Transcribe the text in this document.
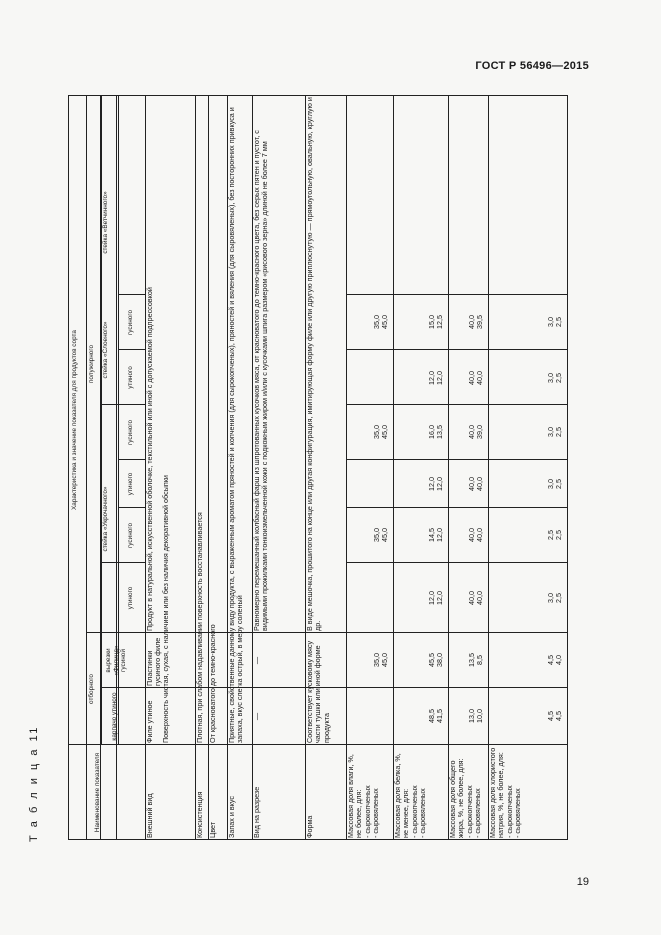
ГОСТ Р 56496—2015
19
Т а б л и ц а 11	Наименование показателя
Характеристика и значение показателя для продуктов сорта
отборного
полужирного
карпачо утиного
вырезки «Филинд» гусиной
стейка «Укрочачного»
стейка «Слоеного»
стейка «Ветчинного»
утиного
гусиного
утиного
гусиного
утиного
гусиного
Внешний вид
Филе утиное
Пластинки гусиного филе
Продукт в натуральной, искусственной оболочке, текстильной или иной с допускаемой подпрессовкой Поверхность чистая, сухая, с наличием или без наличия декоративной обсыпки
Консистенция
Плотная, при слабом надавливании поверхность восстанавливается
Цвет
От красноватого до темно-красного
Запах и вкус
Приятные, свойственные данному виду продукта, с выраженным ароматом пряностей и копчения (для сырокопченых), пряностей и вяления (для сыровяленых), без посторонних привкуса и запаха, вкус слегка острый, в меру соленый
Вид на разрезе
—
—
Равномерно перемешанный колбасный фарш из шпротованных кусочков мяса, от красноватого до темно-красного цвета, без серых пятен и пустот, с видимыми прожилками тонкоизмельченной кожи с подкожным жиром и/или с кусочками шпига размером «рисового зерна» длиной не более 7 мм
Форма
Соответствует кусковому мясу части тушки или иной форме продукта
В виде мешочка, прошитого на конце или другая конфигурация, имитирующая форму филе или другую приплюснутую — прямоугольную, овальную, круглую и др.
Массовая доля влаги, %, не более, для: - сырокопченых - сыровяленых

35,0 45,0

35,0 45,0

35,0 45,0

35,0 45,0
Массовая доля белка, %, не менее, для: - сырокопченых - сыровяленых
48,5 41,5
45,5 38,0
12,0 12,0
14,5 12,0
12,0 12,0
16,0 13,5
12,0 12,0
15,0 12,5
Массовая доля общего жира, %, не более, для: - сырокопченых - сыровяленых
13,0 10,0
13,5 8,5
40,0 40,0
40,0 40,0
40,0 40,0
40,0 39,0
40,0 40,0
40,0 39,5
Массовая доля хлористого натрия, %, не более, для: - сырокопченых - сыровяленых
4,5 4,5
4,5 4,0
3,0 2,5
2,5 2,5
3,0 2,5
3,0 2,5
3,0 2,5
3,0 2,5
